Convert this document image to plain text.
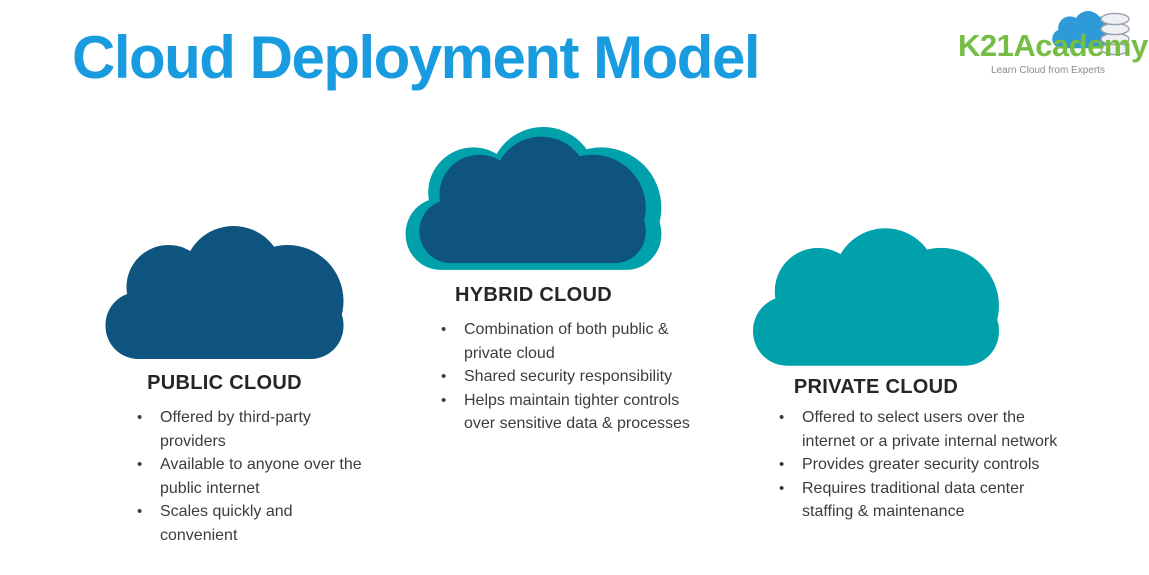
Cloud Deployment Model	K21Academy
Learn Cloud from Experts
PUBLIC CLOUD
• Offered by third-party providers
• Available to anyone over the public internet
• Scales quickly and convenient
HYBRID CLOUD
• Combination of both public & private cloud
• Shared security responsibility
• Helps maintain tighter controls over sensitive data & processes
PRIVATE CLOUD
• Offered to select users over the internet or a private internal network
• Provides greater security controls
• Requires traditional data center staffing & maintenance
